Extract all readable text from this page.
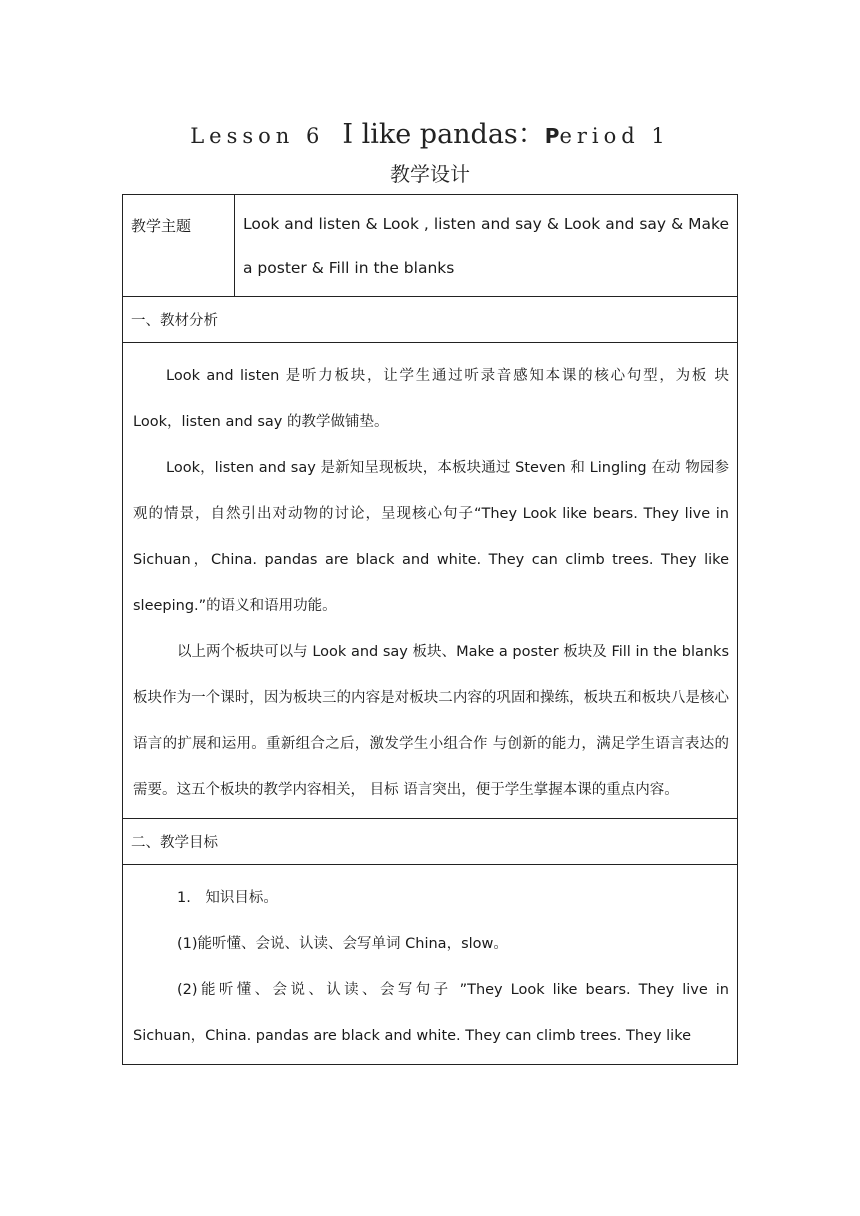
Lesson 6 I like pandas：Period 1
教学设计
教学主题	Look and listen & Look , listen and say & Look and say & Make a poster & Fill in the blanks
一、教材分析

Look and listen 是听力板块，让学生通过听录音感知本课的核心句型，为板 块 Look，listen and say 的教学做铺垫。

Look，listen and say 是新知呈现板块，本板块通过 Steven 和 Lingling 在动 物园参观的情景，自然引出对动物的讨论，呈现核心句子“They Look like bears. They live in Sichuan，China. pandas are black and white. They can climb trees. They like sleeping.”的语义和语用功能。

以上两个板块可以与 Look and say 板块、Make a poster 板块及 Fill in the blanks 板块作为一个课时，因为板块三的内容是对板块二内容的巩固和操练，板块五和板块八是核心语言的扩展和运用。重新组合之后，激发学生小组合作 与创新的能力，满足学生语言表达的需要。这五个板块的教学内容相关， 目标 语言突出，便于学生掌握本课的重点内容。

二、教学目标

1.　知识目标。

(1)能听懂、会说、认读、会写单词 China，slow。

(2)能听懂、会说、认读、会写句子 ”They Look like bears. They live in Sichuan，China. pandas are black and white. They can climb trees. They like
